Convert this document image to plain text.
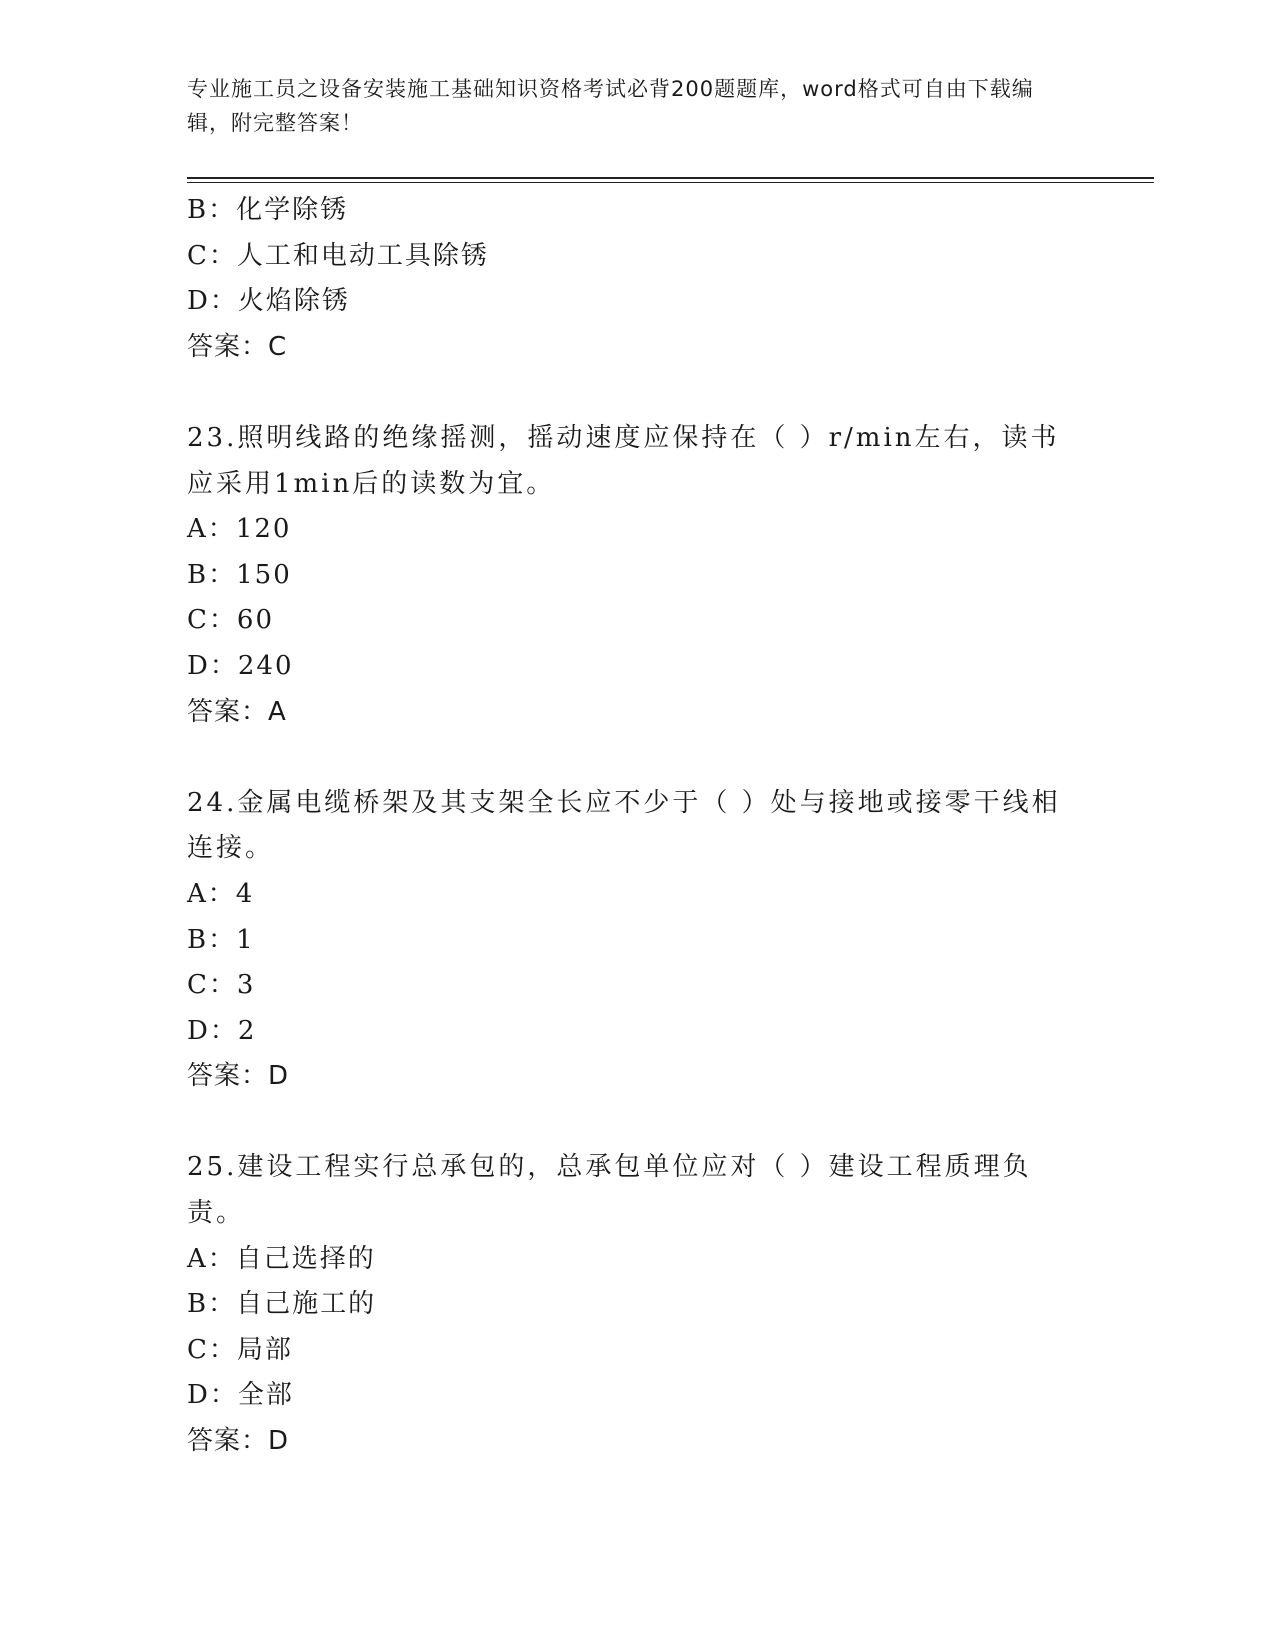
专业施工员之设备安装施工基础知识资格考试必背200题题库，word格式可自由下载编辑，附完整答案！
B：化学除锈
C：人工和电动工具除锈
D：火焰除锈
答案：C
23.照明线路的绝缘摇测，摇动速度应保持在（ ）r/min左右，读书应采用1min后的读数为宜。
A：120
B：150
C：60
D：240
答案：A
24.金属电缆桥架及其支架全长应不少于（ ）处与接地或接零干线相连接。
A：4
B：1
C：3
D：2
答案：D
25.建设工程实行总承包的，总承包单位应对（ ）建设工程质理负责。
A：自己选择的
B：自己施工的
C：局部
D：全部
答案：D
